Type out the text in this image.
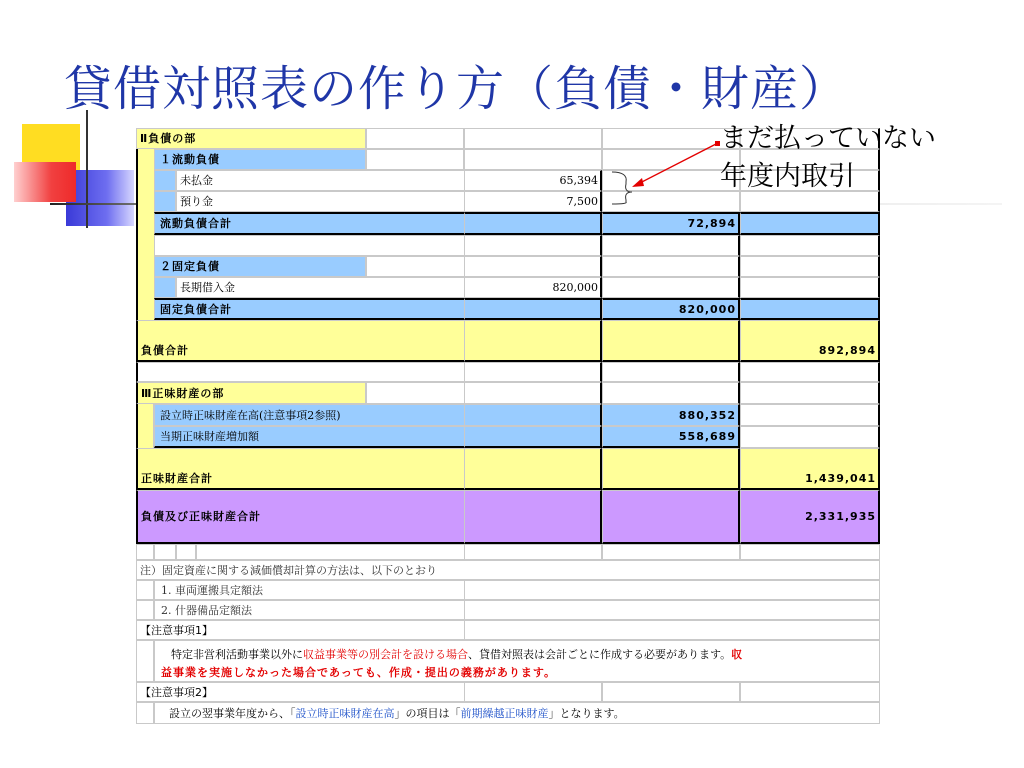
貸借対照表の作り方（負債・財産）
Ⅱ負債の部
１流動負債
未払金	65,394
預り金	7,500
流動負債合計	72,894
２固定負債
長期借入金	820,000
固定負債合計	820,000
負債合計	892,894
Ⅲ正味財産の部
設立時正味財産在高(注意事項2参照)	880,352
当期正味財産増加額	558,689
正味財産合計	1,439,041
負債及び正味財産合計	2,331,935
注）固定資産に関する減価償却計算の方法は、以下のとおり
1. 車両運搬具定額法
2. 什器備品定額法
【注意事項1】
特定非営利活動事業以外に収益事業等の別会計を設ける場合、貸借対照表は会計ごとに作成する必要があります。収
益事業を実施しなかった場合であっても、作成・提出の義務があります。
【注意事項2】
設立の翌事業年度から、「 設立時正味財産在高 」の項目は「 前期繰越正味財産 」となります。
まだ払っていない
年度内取引
